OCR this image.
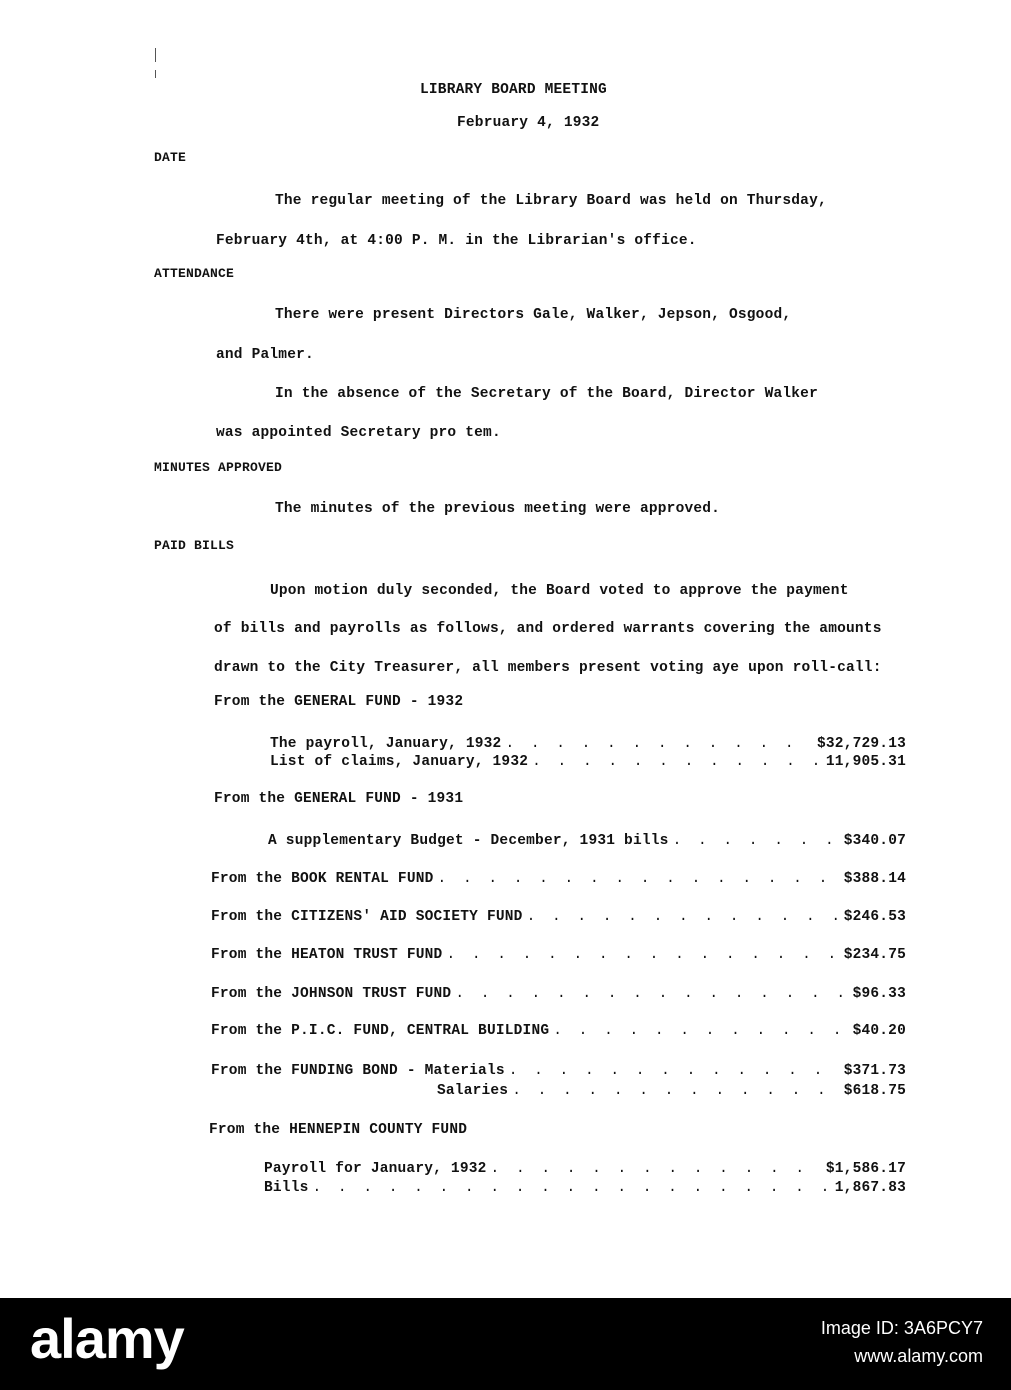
LIBRARY BOARD MEETING
February 4, 1932
DATE
The regular meeting of the Library Board was held on Thursday,
February 4th, at 4:00 P. M. in the Librarian's office.
ATTENDANCE
There were present Directors Gale, Walker, Jepson, Osgood,
and Palmer.
In the absence of the Secretary of the Board, Director Walker
was appointed Secretary pro tem.
MINUTES APPROVED
The minutes of the previous meeting were approved.
PAID BILLS
Upon motion duly seconded, the Board voted to approve the payment
of bills and payrolls as follows, and ordered warrants covering the amounts
drawn to the City Treasurer, all members present voting aye upon roll-call:
From the GENERAL FUND - 1932
The payroll, January, 1932 . . .	$32,729.13
List of claims, January, 1932 . . .	11,905.31
From the GENERAL FUND - 1931
A supplementary Budget - December, 1931 bills . . .	$340.07
From the BOOK RENTAL FUND . . .	$388.14
From the CITIZENS' AID SOCIETY FUND . . .	$246.53
From the HEATON TRUST FUND . . .	$234.75
From the JOHNSON TRUST FUND . . .	$96.33
From the P.I.C. FUND, CENTRAL BUILDING . . .	$40.20
From the FUNDING BOND - Materials . . .	$371.73
Salaries . . .	$618.75
From the HENNEPIN COUNTY FUND
Payroll for January, 1932 . . .	$1,586.17
Bills . . .	1,867.83
alamy	Image ID: 3A6PCY7
www.alamy.com
